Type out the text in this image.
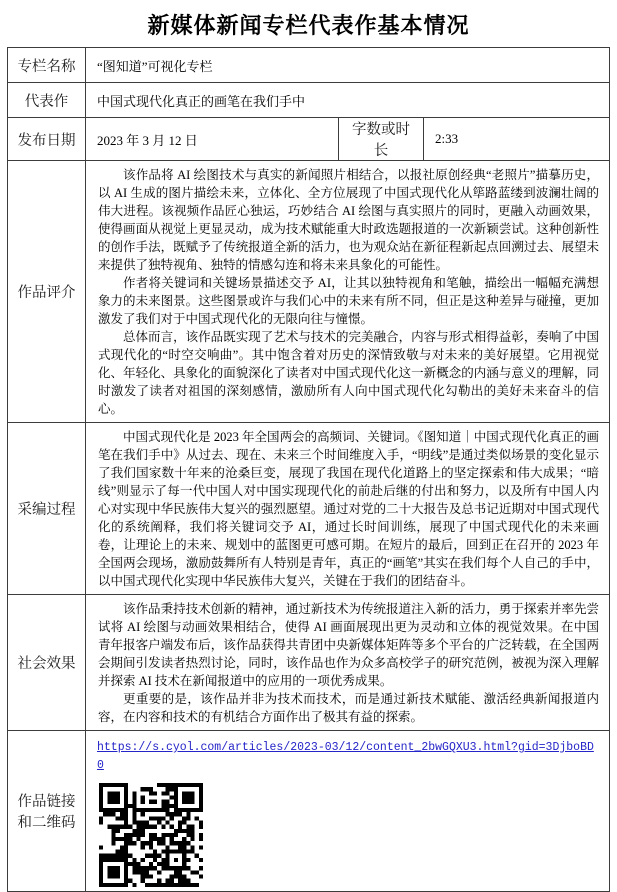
新媒体新闻专栏代表作基本情况
专栏名称	“图知道”可视化专栏		
代表作	中国式现代化真正的画笔在我们手中		
发布日期	2023 年 3 月 12 日	字数或时长	2:33
作品评介	该作品将 AI 绘图技术与真实的新闻照片相结合，以报社原创经典“老照片”描摹历史，以 AI 生成的图片描绘未来，立体化、全方位展现了中国式现代化从筚路蓝缕到波澜壮阔的伟大进程。该视频作品匠心独运，巧妙结合 AI 绘图与真实照片的同时，更融入动画效果，使得画面从视觉上更显灵动，成为技术赋能重大时政选题报道的一次新颖尝试。这种创新性的创作手法，既赋予了传统报道全新的活力，也为观众站在新征程新起点回溯过去、展望未来提供了独特视角、独特的情感勾连和将未来具象化的可能性。

作者将关键词和关键场景描述交予 AI，让其以独特视角和笔触，描绘出一幅幅充满想象力的未来图景。这些图景或许与我们心中的未来有所不同，但正是这种差异与碰撞，更加激发了我们对于中国式现代化的无限向往与憧憬。

总体而言，该作品既实现了艺术与技术的完美融合，内容与形式相得益彰，奏响了中国式现代化的“时空交响曲”。其中饱含着对历史的深情致敬与对未来的美好展望。它用视觉化、年轻化、具象化的面貌深化了读者对中国式现代化这一新概念的内涵与意义的理解，同时激发了读者对祖国的深刻感情，激励所有人向中国式现代化勾勒出的美好未来奋斗的信心。		

采编过程	中国式现代化是 2023 年全国两会的高频词、关键词。《图知道｜中国式现代化真正的画笔在我们手中》从过去、现在、未来三个时间维度入手，“明线”是通过类似场景的变化显示了我们国家数十年来的沧桑巨变，展现了我国在现代化道路上的坚定探索和伟大成果；“暗线”则显示了每一代中国人对中国实现现代化的前赴后继的付出和努力，以及所有中国人内心对实现中华民族伟大复兴的强烈愿望。通过对党的二十大报告及总书记近期对中国式现代化的系统阐释，我们将关键词交予 AI，通过长时间训练，展现了中国式现代化的未来画卷，让理论上的未来、规划中的蓝图更可感可期。在短片的最后，回到正在召开的 2023 年全国两会现场，激励鼓舞所有人特别是青年，真正的“画笔”其实在我们每个人自己的手中，以中国式现代化实现中华民族伟大复兴，关键在于我们的团结奋斗。		

社会效果	该作品秉持技术创新的精神，通过新技术为传统报道注入新的活力，勇于探索并率先尝试将 AI 绘图与动画效果相结合，使得 AI 画面展现出更为灵动和立体的视觉效果。在中国青年报客户端发布后，该作品获得共青团中央新媒体矩阵等多个平台的广泛转载，在全国两会期间引发读者热烈讨论，同时，该作品也作为众多高校学子的研究范例，被视为深入理解并探索 AI 技术在新闻报道中的应用的一项优秀成果。

更重要的是，该作品并非为技术而技术，而是通过新技术赋能、激活经典新闻报道内容，在内容和技术的有机结合方面作出了极其有益的探索。		

作品链接和二维码	https://s.cyol.com/articles/2023-03/12/content_2bwGQXU3.html?gid=3DjboBD0		
